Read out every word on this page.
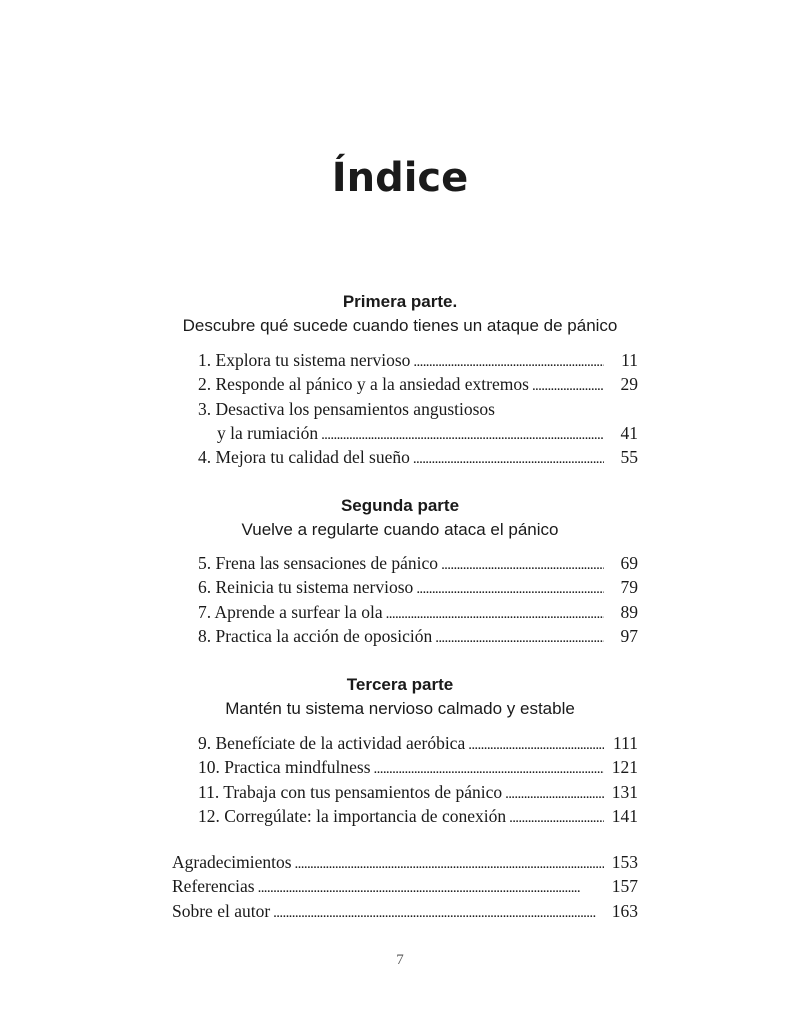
Índice
Primera parte.
Descubre qué sucede cuando tienes un ataque de pánico
1. Explora tu sistema nervioso . . .	11
2. Responde al pánico y a la ansiedad extremos . . .	29
3. Desactiva los pensamientos angustiosos
y la rumiación . . .	41
4. Mejora tu calidad del sueño . . .	55
Segunda parte
Vuelve a regularte cuando ataca el pánico
5. Frena las sensaciones de pánico . . .	69
6. Reinicia tu sistema nervioso . . .	79
7. Aprende a surfear la ola . . .	89
8. Practica la acción de oposición . . .	97
Tercera parte
Mantén tu sistema nervioso calmado y estable
9. Benefíciate de la actividad aeróbica . . .	111
10. Practica mindfulness . . .	121
11. Trabaja con tus pensamientos de pánico . . .	131
12. Corregúlate: la importancia de conexión . . .	141
Agradecimientos . . .	153
Referencias . . .	157
Sobre el autor . . .	163
7
